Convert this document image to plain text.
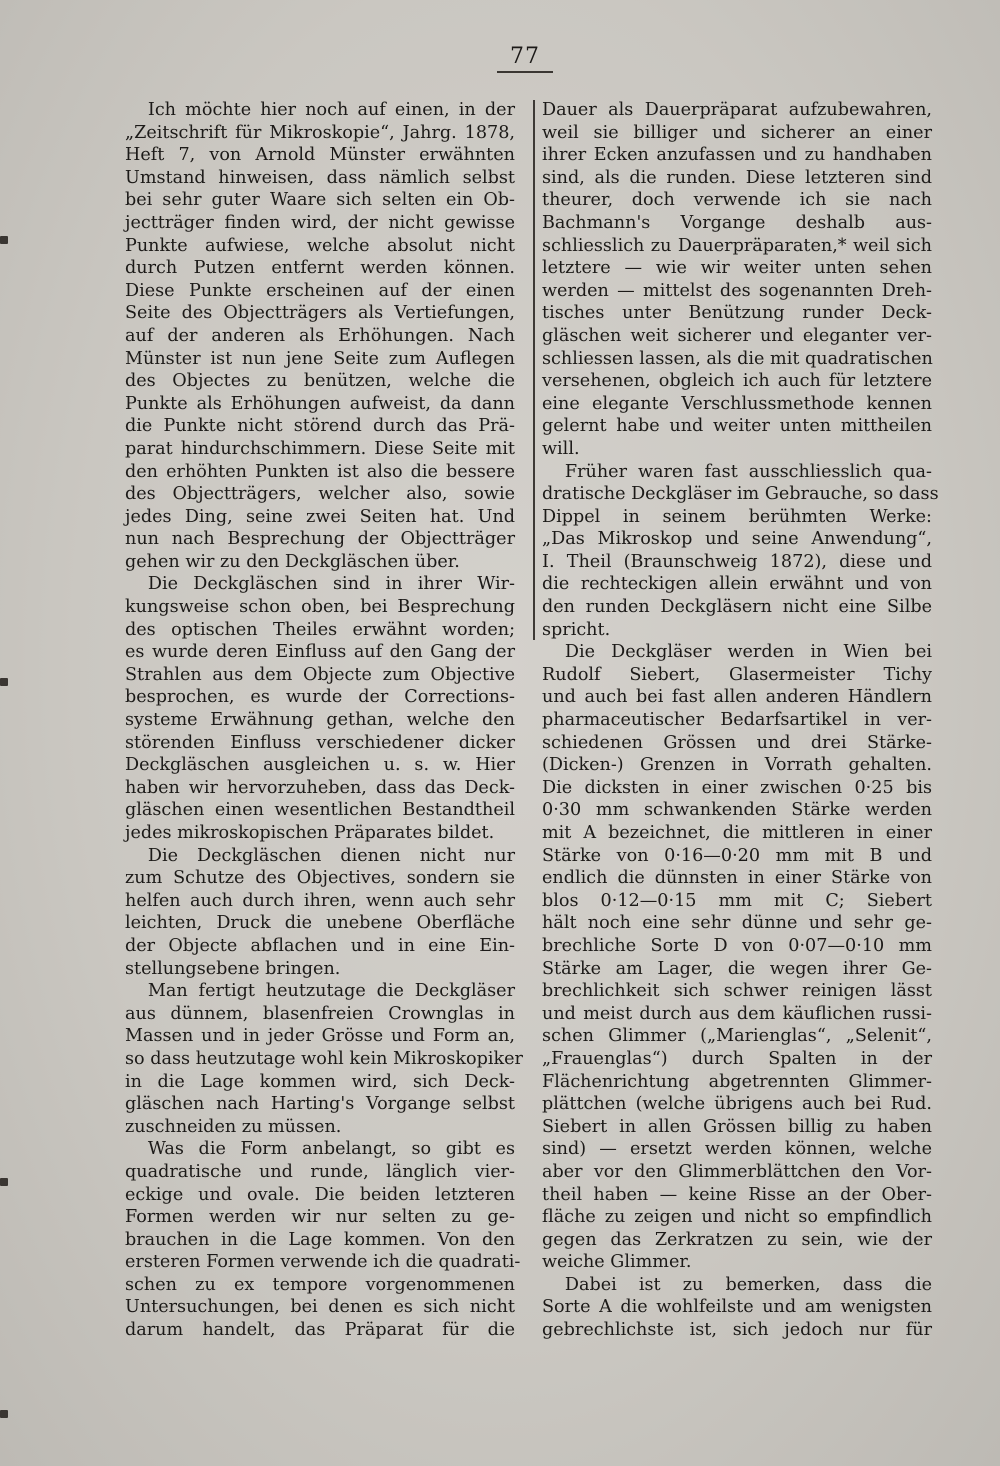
77

Ich möchte hier noch auf einen, in der

„Zeitschrift für Mikroskopie“, Jahrg. 1878,

Heft 7, von Arnold Münster erwähnten

Umstand hinweisen, dass nämlich selbst

bei sehr guter Waare sich selten ein Ob-

jectträger finden wird, der nicht gewisse

Punkte aufwiese, welche absolut nicht

durch Putzen entfernt werden können.

Diese Punkte erscheinen auf der einen

Seite des Objectträgers als Vertiefungen,

auf der anderen als Erhöhungen. Nach

Münster ist nun jene Seite zum Auflegen

des Objectes zu benützen, welche die

Punkte als Erhöhungen aufweist, da dann

die Punkte nicht störend durch das Prä-

parat hindurchschimmern. Diese Seite mit

den erhöhten Punkten ist also die bessere

des Objectträgers, welcher also, sowie

jedes Ding, seine zwei Seiten hat. Und

nun nach Besprechung der Objectträger

gehen wir zu den Deckgläschen über.

Die Deckgläschen sind in ihrer Wir-

kungsweise schon oben, bei Besprechung

des optischen Theiles erwähnt worden;

es wurde deren Einfluss auf den Gang der

Strahlen aus dem Objecte zum Objective

besprochen, es wurde der Corrections-

systeme Erwähnung gethan, welche den

störenden Einfluss verschiedener dicker

Deckgläschen ausgleichen u. s. w. Hier

haben wir hervorzuheben, dass das Deck-

gläschen einen wesentlichen Bestandtheil

jedes mikroskopischen Präparates bildet.

Die Deckgläschen dienen nicht nur

zum Schutze des Objectives, sondern sie

helfen auch durch ihren, wenn auch sehr

leichten, Druck die unebene Oberfläche

der Objecte abflachen und in eine Ein-

stellungsebene bringen.

Man fertigt heutzutage die Deckgläser

aus dünnem, blasenfreien Crownglas in

Massen und in jeder Grösse und Form an,

so dass heutzutage wohl kein Mikroskopiker

in die Lage kommen wird, sich Deck-

gläschen nach Harting's Vorgange selbst

zuschneiden zu müssen.

Was die Form anbelangt, so gibt es

quadratische und runde, länglich vier-

eckige und ovale. Die beiden letzteren

Formen werden wir nur selten zu ge-

brauchen in die Lage kommen. Von den

ersteren Formen verwende ich die quadrati-

schen zu ex tempore vorgenommenen

Untersuchungen, bei denen es sich nicht

darum handelt, das Präparat für die

Dauer als Dauerpräparat aufzubewahren,

weil sie billiger und sicherer an einer

ihrer Ecken anzufassen und zu handhaben

sind, als die runden. Diese letzteren sind

theurer, doch verwende ich sie nach

Bachmann's Vorgange deshalb aus-

schliesslich zu Dauerpräparaten,* weil sich

letztere — wie wir weiter unten sehen

werden — mittelst des sogenannten Dreh-

tisches unter Benützung runder Deck-

gläschen weit sicherer und eleganter ver-

schliessen lassen, als die mit quadratischen

versehenen, obgleich ich auch für letztere

eine elegante Verschlussmethode kennen

gelernt habe und weiter unten mittheilen

will.

Früher waren fast ausschliesslich qua-

dratische Deckgläser im Gebrauche, so dass

Dippel in seinem berühmten Werke:

„Das Mikroskop und seine Anwendung“,

I. Theil (Braunschweig 1872), diese und

die rechteckigen allein erwähnt und von

den runden Deckgläsern nicht eine Silbe

spricht.

Die Deckgläser werden in Wien bei

Rudolf Siebert, Glasermeister Tichy

und auch bei fast allen anderen Händlern

pharmaceutischer Bedarfsartikel in ver-

schiedenen Grössen und drei Stärke-

(Dicken-) Grenzen in Vorrath gehalten.

Die dicksten in einer zwischen 0·25 bis

0·30 mm schwankenden Stärke werden

mit A bezeichnet, die mittleren in einer

Stärke von 0·16—0·20 mm mit B und

endlich die dünnsten in einer Stärke von

blos 0·12—0·15 mm mit C; Siebert

hält noch eine sehr dünne und sehr ge-

brechliche Sorte D von 0·07—0·10 mm

Stärke am Lager, die wegen ihrer Ge-

brechlichkeit sich schwer reinigen lässt

und meist durch aus dem käuflichen russi-

schen Glimmer („Marienglas“, „Selenit“,

„Frauenglas“) durch Spalten in der

Flächenrichtung abgetrennten Glimmer-

plättchen (welche übrigens auch bei Rud.

Siebert in allen Grössen billig zu haben

sind) — ersetzt werden können, welche

aber vor den Glimmerblättchen den Vor-

theil haben — keine Risse an der Ober-

fläche zu zeigen und nicht so empfindlich

gegen das Zerkratzen zu sein, wie der

weiche Glimmer.

Dabei ist zu bemerken, dass die

Sorte A die wohlfeilste und am wenigsten

gebrechlichste ist, sich jedoch nur für
